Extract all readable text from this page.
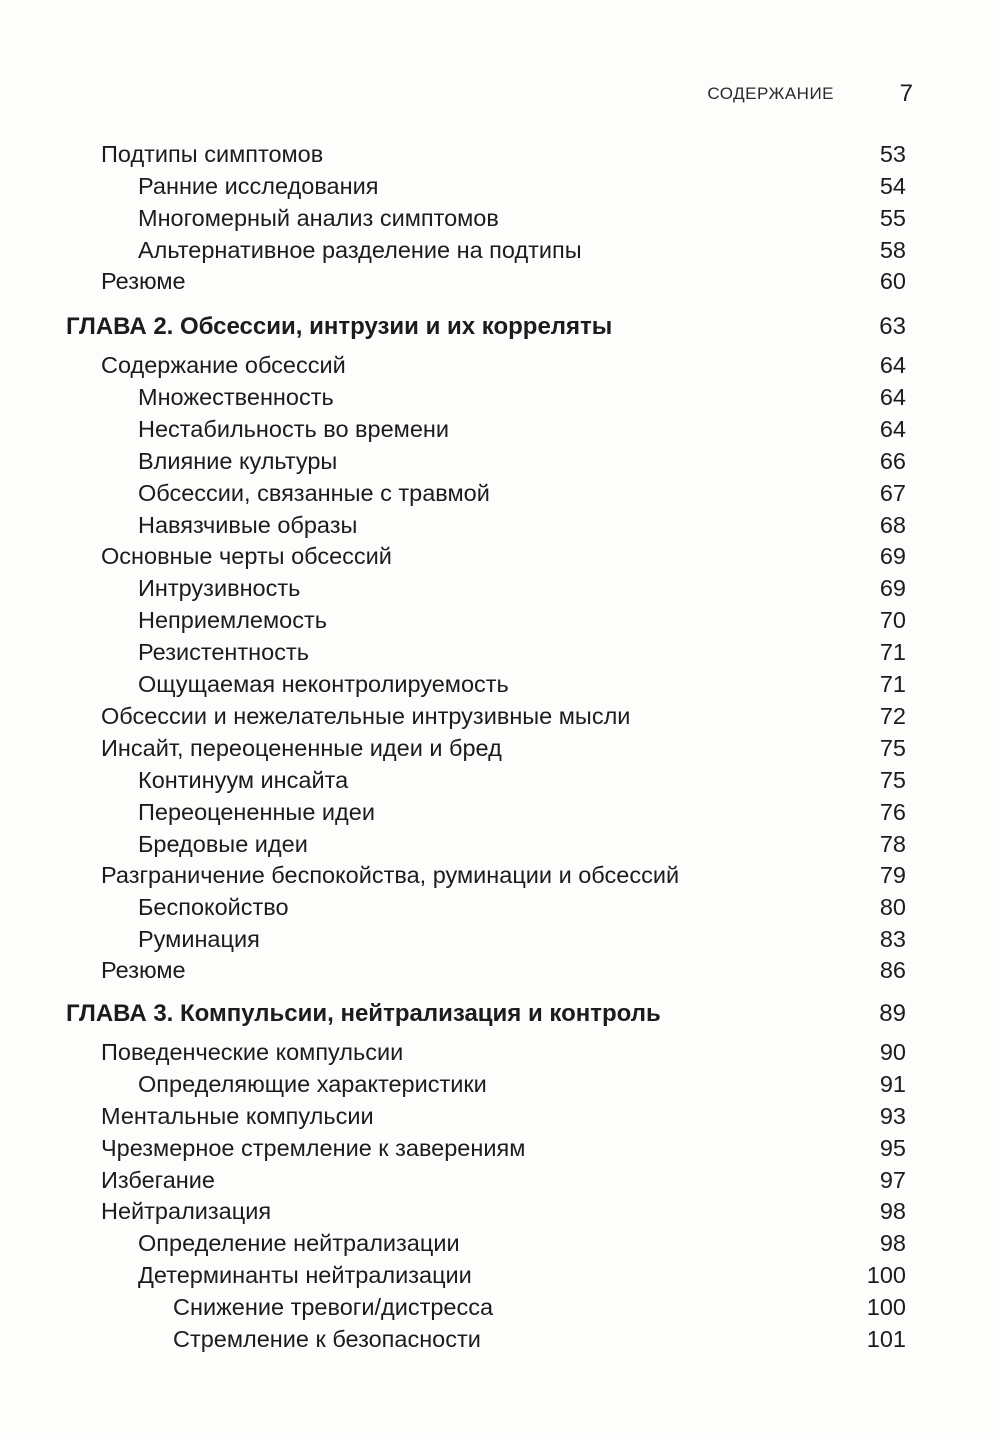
СОДЕРЖАНИЕ	7
Подтипы симптомов	53
Ранние исследования	54
Многомерный анализ симптомов	55
Альтернативное разделение на подтипы	58
Резюме	60
ГЛАВА 2. Обсессии, интрузии и их корреляты	63
Содержание обсессий	64
Множественность	64
Нестабильность во времени	64
Влияние культуры	66
Обсессии, связанные с травмой	67
Навязчивые образы	68
Основные черты обсессий	69
Интрузивность	69
Неприемлемость	70
Резистентность	71
Ощущаемая неконтролируемость	71
Обсессии и нежелательные интрузивные мысли	72
Инсайт, переоцененные идеи и бред	75
Континуум инсайта	75
Переоцененные идеи	76
Бредовые идеи	78
Разграничение беспокойства, руминации и обсессий	79
Беспокойство	80
Руминация	83
Резюме	86
ГЛАВА 3. Компульсии, нейтрализация и контроль	89
Поведенческие компульсии	90
Определяющие характеристики	91
Ментальные компульсии	93
Чрезмерное стремление к заверениям	95
Избегание	97
Нейтрализация	98
Определение нейтрализации	98
Детерминанты нейтрализации	100
Снижение тревоги/дистресса	100
Стремление к безопасности	101
